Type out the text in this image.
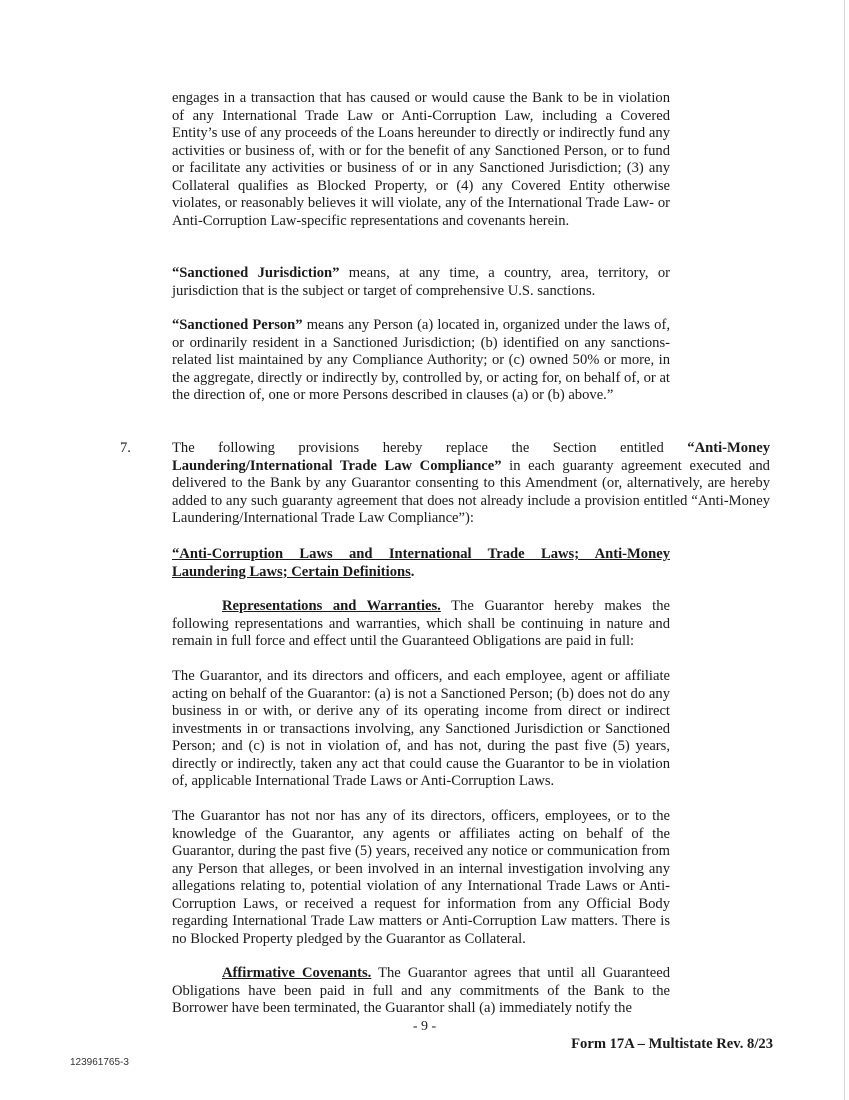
engages in a transaction that has caused or would cause the Bank to be in violation of any International Trade Law or Anti-Corruption Law, including a Covered Entity’s use of any proceeds of the Loans hereunder to directly or indirectly fund any activities or business of, with or for the benefit of any Sanctioned Person, or to fund or facilitate any activities or business of or in any Sanctioned Jurisdiction; (3) any Collateral qualifies as Blocked Property, or (4) any Covered Entity otherwise violates, or reasonably believes it will violate, any of the International Trade Law- or Anti-Corruption Law-specific representations and covenants herein.
“Sanctioned Jurisdiction” means, at any time, a country, area, territory, or jurisdiction that is the subject or target of comprehensive U.S. sanctions.
“Sanctioned Person” means any Person (a) located in, organized under the laws of, or ordinarily resident in a Sanctioned Jurisdiction; (b) identified on any sanctions-related list maintained by any Compliance Authority; or (c) owned 50% or more, in the aggregate, directly or indirectly by, controlled by, or acting for, on behalf of, or at the direction of, one or more Persons described in clauses (a) or (b) above.”
7.	The following provisions hereby replace the Section entitled “Anti-Money Laundering/International Trade Law Compliance” in each guaranty agreement executed and delivered to the Bank by any Guarantor consenting to this Amendment (or, alternatively, are hereby added to any such guaranty agreement that does not already include a provision entitled “Anti-Money Laundering/International Trade Law Compliance”):
“Anti-Corruption Laws and International Trade Laws; Anti-Money Laundering Laws; Certain Definitions.
Representations and Warranties. The Guarantor hereby makes the following representations and warranties, which shall be continuing in nature and remain in full force and effect until the Guaranteed Obligations are paid in full:
The Guarantor, and its directors and officers, and each employee, agent or affiliate acting on behalf of the Guarantor: (a) is not a Sanctioned Person; (b) does not do any business in or with, or derive any of its operating income from direct or indirect investments in or transactions involving, any Sanctioned Jurisdiction or Sanctioned Person; and (c) is not in violation of, and has not, during the past five (5) years, directly or indirectly, taken any act that could cause the Guarantor to be in violation of, applicable International Trade Laws or Anti-Corruption Laws.
The Guarantor has not nor has any of its directors, officers, employees, or to the knowledge of the Guarantor, any agents or affiliates acting on behalf of the Guarantor, during the past five (5) years, received any notice or communication from any Person that alleges, or been involved in an internal investigation involving any allegations relating to, potential violation of any International Trade Laws or Anti-Corruption Laws, or received a request for information from any Official Body regarding International Trade Law matters or Anti-Corruption Law matters. There is no Blocked Property pledged by the Guarantor as Collateral.
Affirmative Covenants. The Guarantor agrees that until all Guaranteed Obligations have been paid in full and any commitments of the Bank to the Borrower have been terminated, the Guarantor shall (a) immediately notify the
- 9 -
Form 17A – Multistate Rev. 8/23
123961765-3
